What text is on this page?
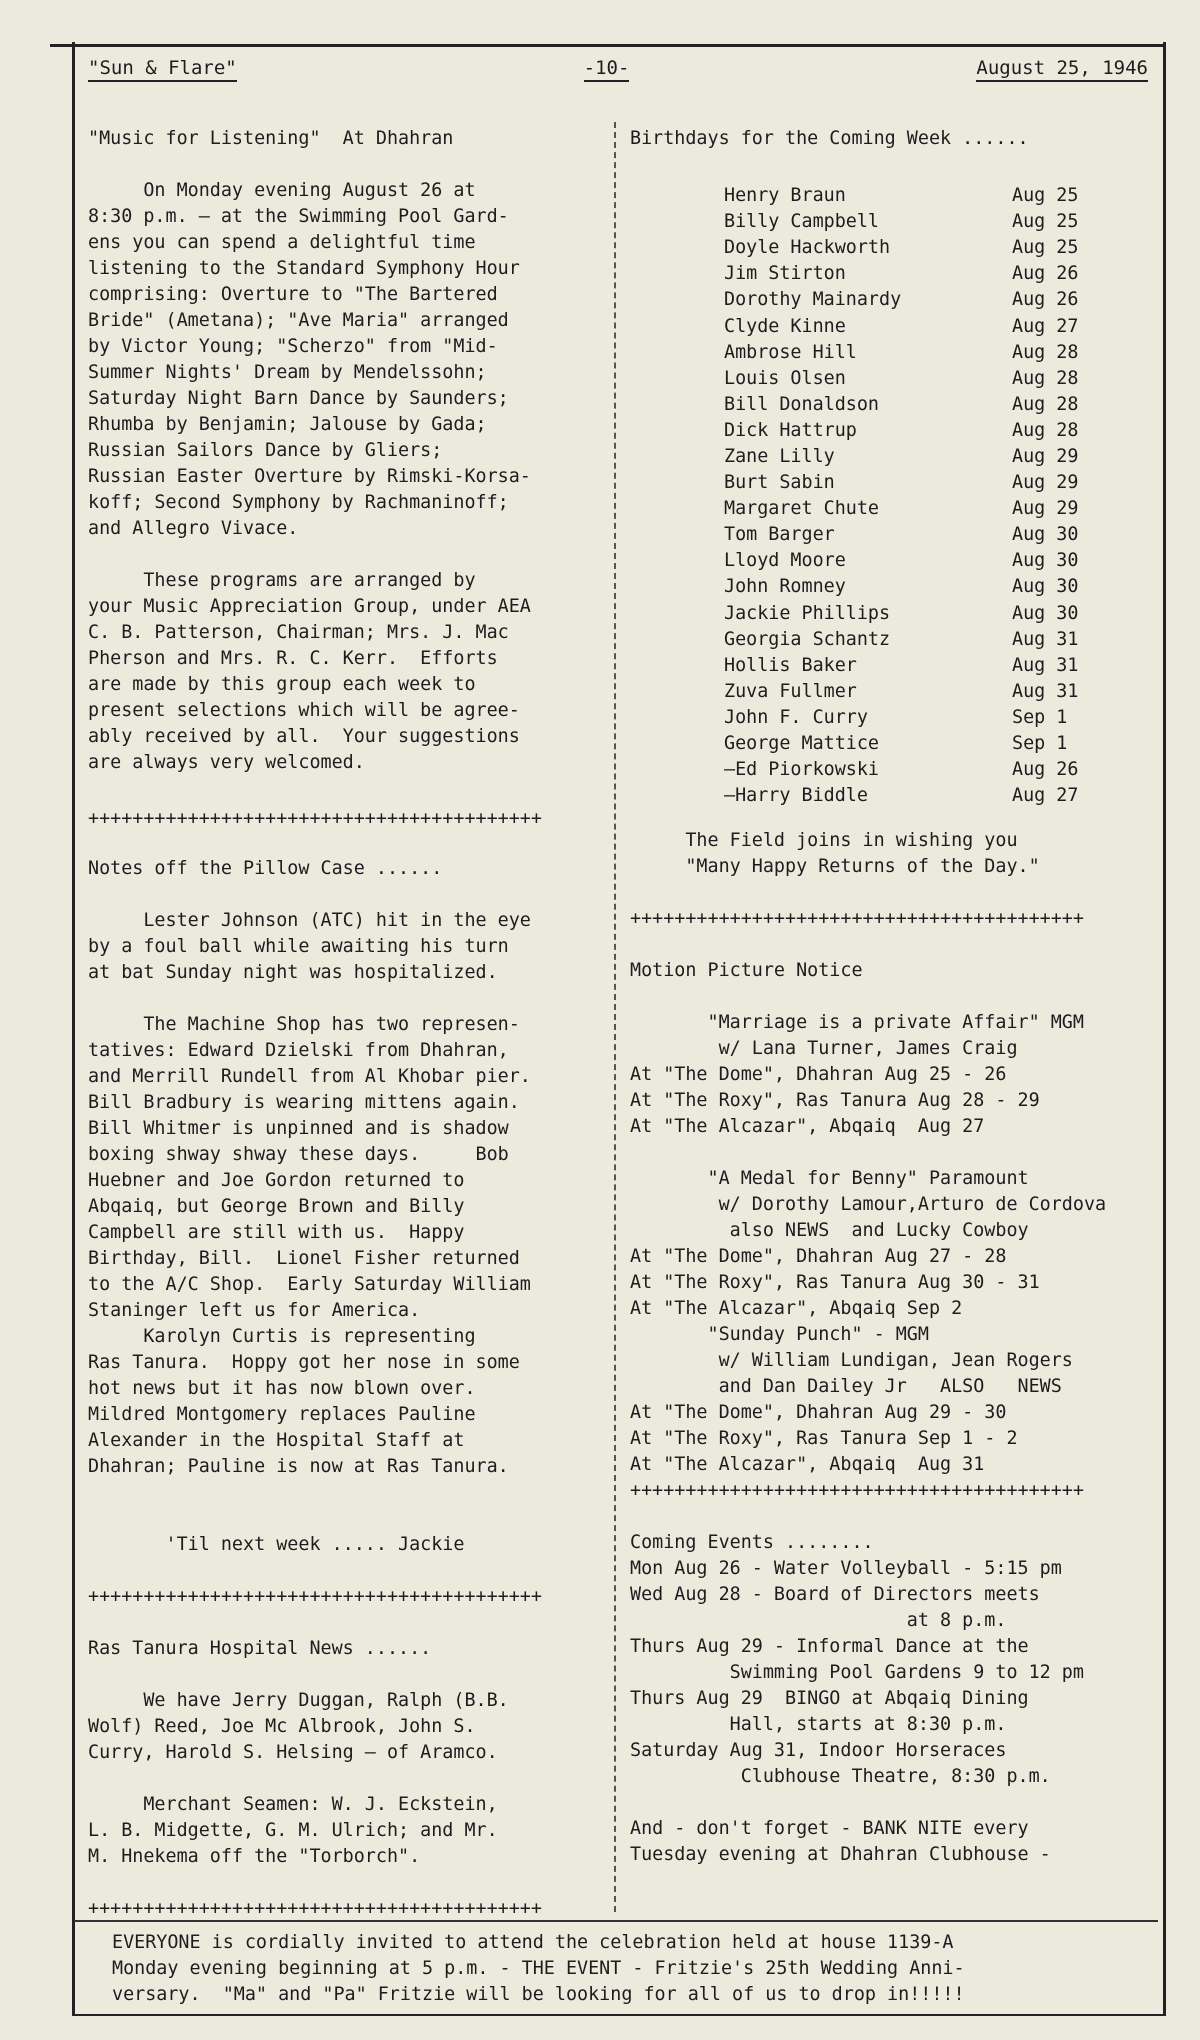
"Sun & Flare"	-10-	August 25, 1946

"Music for Listening"  At Dhahran

On Monday evening August 26 at
8:30 p.m. — at the Swimming Pool Gard-
ens you can spend a delightful time
listening to the Standard Symphony Hour
comprising: Overture to "The Bartered
Bride" (Ametana); "Ave Maria" arranged
by Victor Young; "Scherzo" from "Mid-
Summer Nights' Dream by Mendelssohn;
Saturday Night Barn Dance by Saunders;
Rhumba by Benjamin; Jalouse by Gada;
Russian Sailors Dance by Gliers;
Russian Easter Overture by Rimski-Korsa-
koff; Second Symphony by Rachmaninoff;
and Allegro Vivace.

These programs are arranged by
your Music Appreciation Group, under AEA
C. B. Patterson, Chairman; Mrs. J. Mac
Pherson and Mrs. R. C. Kerr.  Efforts
are made by this group each week to
present selections which will be agree-
ably received by all.  Your suggestions
are always very welcomed.

+++++++++++++++++++++++++++++++++++++++++

Notes off the Pillow Case ......

Lester Johnson (ATC) hit in the eye
by a foul ball while awaiting his turn
at bat Sunday night was hospitalized.

The Machine Shop has two represen-
tatives: Edward Dzielski from Dhahran,
and Merrill Rundell from Al Khobar pier.
Bill Bradbury is wearing mittens again.
Bill Whitmer is unpinned and is shadow
boxing shway shway these days.     Bob
Huebner and Joe Gordon returned to
Abqaiq, but George Brown and Billy
Campbell are still with us.  Happy
Birthday, Bill.  Lionel Fisher returned
to the A/C Shop.  Early Saturday William
Staninger left us for America.

Karolyn Curtis is representing
Ras Tanura.  Hoppy got her nose in some
hot news but it has now blown over.
Mildred Montgomery replaces Pauline
Alexander in the Hospital Staff at
Dhahran; Pauline is now at Ras Tanura.

'Til next week ..... Jackie

+++++++++++++++++++++++++++++++++++++++++

Ras Tanura Hospital News ......

We have Jerry Duggan, Ralph (B.B.
Wolf) Reed, Joe Mc Albrook, John S.
Curry, Harold S. Helsing — of Aramco.

Merchant Seamen: W. J. Eckstein,
L. B. Midgette, G. M. Ulrich; and Mr.
M. Hnekema off the "Torborch".

+++++++++++++++++++++++++++++++++++++++++

Birthdays for the Coming Week ......

The Field joins in wishing you
"Many Happy Returns of the Day."

+++++++++++++++++++++++++++++++++++++++++

Motion Picture Notice

"Marriage is a private Affair" MGM
w/ Lana Turner, James Craig
At "The Dome", Dhahran Aug 25 - 26
At "The Roxy", Ras Tanura Aug 28 - 29
At "The Alcazar", Abqaiq  Aug 27

"A Medal for Benny" Paramount
w/ Dorothy Lamour,Arturo de Cordova
also NEWS  and Lucky Cowboy
At "The Dome", Dhahran Aug 27 - 28
At "The Roxy", Ras Tanura Aug 30 - 31
At "The Alcazar", Abqaiq Sep 2

"Sunday Punch" - MGM
w/ William Lundigan, Jean Rogers
and Dan Dailey Jr   ALSO   NEWS
At "The Dome", Dhahran Aug 29 - 30
At "The Roxy", Ras Tanura Sep 1 - 2
At "The Alcazar", Abqaiq  Aug 31

+++++++++++++++++++++++++++++++++++++++++

Coming Events ........

Mon Aug 26 - Water Volleyball - 5:15 pm
Wed Aug 28 - Board of Directors meets
at 8 p.m.
Thurs Aug 29 - Informal Dance at the
Swimming Pool Gardens 9 to 12 pm
Thurs Aug 29  BINGO at Abqaiq Dining
Hall, starts at 8:30 p.m.
Saturday Aug 31, Indoor Horseraces
Clubhouse Theatre, 8:30 p.m.

And - don't forget - BANK NITE every
Tuesday evening at Dhahran Clubhouse -

Henry Braun	Aug 25
Billy Campbell	Aug 25
Doyle Hackworth	Aug 25
Jim Stirton	Aug 26
Dorothy Mainardy	Aug 26
Clyde Kinne	Aug 27
Ambrose Hill	Aug 28
Louis Olsen	Aug 28
Bill Donaldson	Aug 28
Dick Hattrup	Aug 28
Zane Lilly	Aug 29
Burt Sabin	Aug 29
Margaret Chute	Aug 29
Tom Barger	Aug 30
Lloyd Moore	Aug 30
John Romney	Aug 30
Jackie Phillips	Aug 30
Georgia Schantz	Aug 31
Hollis Baker	Aug 31
Zuva Fullmer	Aug 31
John F. Curry	Sep 1
George Mattice	Sep 1
—Ed Piorkowski	Aug 26
—Harry Biddle	Aug 27
EVERYONE is cordially invited to attend the celebration held at house 1139-A
Monday evening beginning at 5 p.m. - THE EVENT - Fritzie's 25th Wedding Anni-
versary.  "Ma" and "Pa" Fritzie will be looking for all of us to drop in!!!!!
